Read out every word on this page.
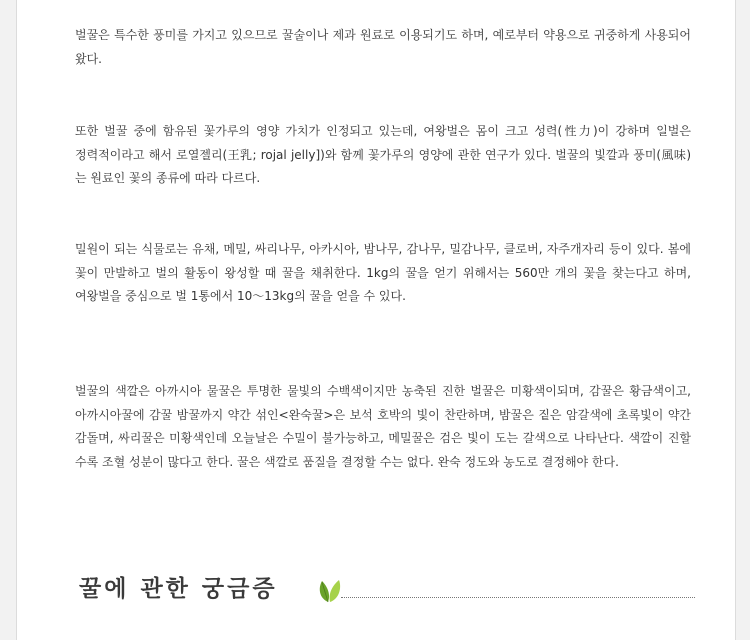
벌꿀은 특수한 풍미를 가지고 있으므로 꿀술이나 제과 원료로 이용되기도 하며, 예로부터 약용으로 귀중하게 사용되어 왔다.

또한 벌꿀 중에 함유된 꽃가루의 영양 가치가 인정되고 있는데, 여왕벌은 몸이 크고 성력(性力)이 강하며 일벌은 정력적이라고 해서 로열젤리(王乳; rojal jelly])와 함께 꽃가루의 영양에 관한 연구가 있다. 벌꿀의 빛깔과 풍미(風味)는 원료인 꽃의 종류에 따라 다르다.

밀원이 되는 식물로는 유채, 메밀, 싸리나무, 아카시아, 밤나무, 감나무, 밀감나무, 클로버, 자주개자리 등이 있다. 봄에 꽃이 만발하고 벌의 활동이 왕성할 때 꿀을 채취한다. 1kg의 꿀을 얻기 위해서는 560만 개의 꽃을 찾는다고 하며, 여왕벌을 중심으로 벌 1통에서 10～13kg의 꿀을 얻을 수 있다.

벌꿀의 색깔은 아까시아 물꿀은 투명한 물빛의 수백색이지만 농축된 진한 벌꿀은 미황색이되며, 감꿀은 황금색이고, 아까시아꿀에 감꿀 밤꿀까지 약간 섞인<완숙꿀>은 보석 호박의 빛이 찬란하며, 밤꿀은 짙은 암갈색에 초록빛이 약간 감돌며, 싸리꿀은 미황색인데 오늘날은 수밀이 불가능하고, 메밀꿀은 검은 빛이 도는 갈색으로 나타난다. 색깔이 진할 수록 조혈 성분이 많다고 한다. 꿀은 색깔로 품질을 결정할 수는 없다. 완숙 정도와 농도로 결정해야 한다.

꿀에 관한 궁금증
